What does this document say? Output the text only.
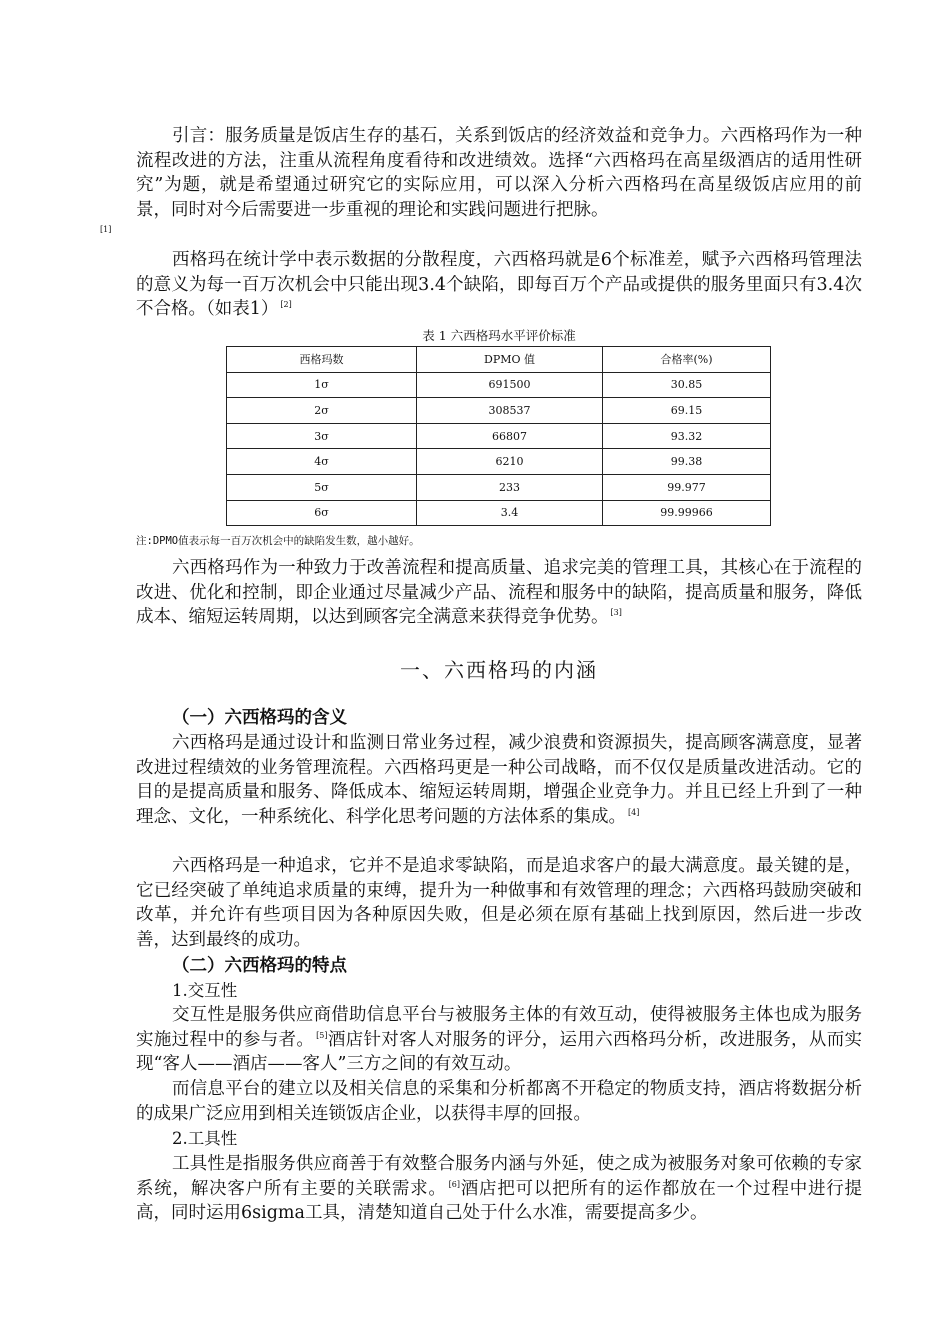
引言：服务质量是饭店生存的基石，关系到饭店的经济效益和竞争力。六西格玛作为一种流程改进的方法，注重从流程角度看待和改进绩效。选择“六西格玛在高星级酒店的适用性研究”为题，就是希望通过研究它的实际应用，可以深入分析六西格玛在高星级饭店应用的前景，同时对今后需要进一步重视的理论和实践问题进行把脉。
[1]

西格玛在统计学中表示数据的分散程度，六西格玛就是6个标准差，赋予六西格玛管理法的意义为每一百万次机会中只能出现3.4个缺陷，即每百万个产品或提供的服务里面只有3.4次不合格。（如表1） [2]

表 1 六西格玛水平评价标准
西格玛数	DPMO 值	合格率(%)
1σ	691500	30.85
2σ	308537	69.15
3σ	66807	93.32
4σ	6210	99.38
5σ	233	99.977
6σ	3.4	99.99966
注:DPMO值表示每一百万次机会中的缺陷发生数，越小越好。

六西格玛作为一种致力于改善流程和提高质量、追求完美的管理工具，其核心在于流程的改进、优化和控制，即企业通过尽量减少产品、流程和服务中的缺陷，提高质量和服务，降低成本、缩短运转周期，以达到顾客完全满意来获得竞争优势。 [3]

一、六西格玛的内涵
（一）六西格玛的含义

六西格玛是通过设计和监测日常业务过程，减少浪费和资源损失，提高顾客满意度，显著改进过程绩效的业务管理流程。六西格玛更是一种公司战略，而不仅仅是质量改进活动。它的目的是提高质量和服务、降低成本、缩短运转周期，增强企业竞争力。并且已经上升到了一种理念、文化，一种系统化、科学化思考问题的方法体系的集成。 [4]

六西格玛是一种追求，它并不是追求零缺陷，而是追求客户的最大满意度。最关键的是，它已经突破了单纯追求质量的束缚，提升为一种做事和有效管理的理念；六西格玛鼓励突破和改革，并允许有些项目因为各种原因失败，但是必须在原有基础上找到原因，然后进一步改善，达到最终的成功。

（二）六西格玛的特点
1.交互性

交互性是服务供应商借助信息平台与被服务主体的有效互动，使得被服务主体也成为服务实施过程中的参与者。 [5]酒店针对客人对服务的评分，运用六西格玛分析，改进服务，从而实现“客人——酒店——客人”三方之间的有效互动。

而信息平台的建立以及相关信息的采集和分析都离不开稳定的物质支持，酒店将数据分析的成果广泛应用到相关连锁饭店企业，以获得丰厚的回报。

2.工具性

工具性是指服务供应商善于有效整合服务内涵与外延，使之成为被服务对象可依赖的专家系统，解决客户所有主要的关联需求。 [6]酒店把可以把所有的运作都放在一个过程中进行提高，同时运用6sigma工具，清楚知道自己处于什么水准，需要提高多少。
